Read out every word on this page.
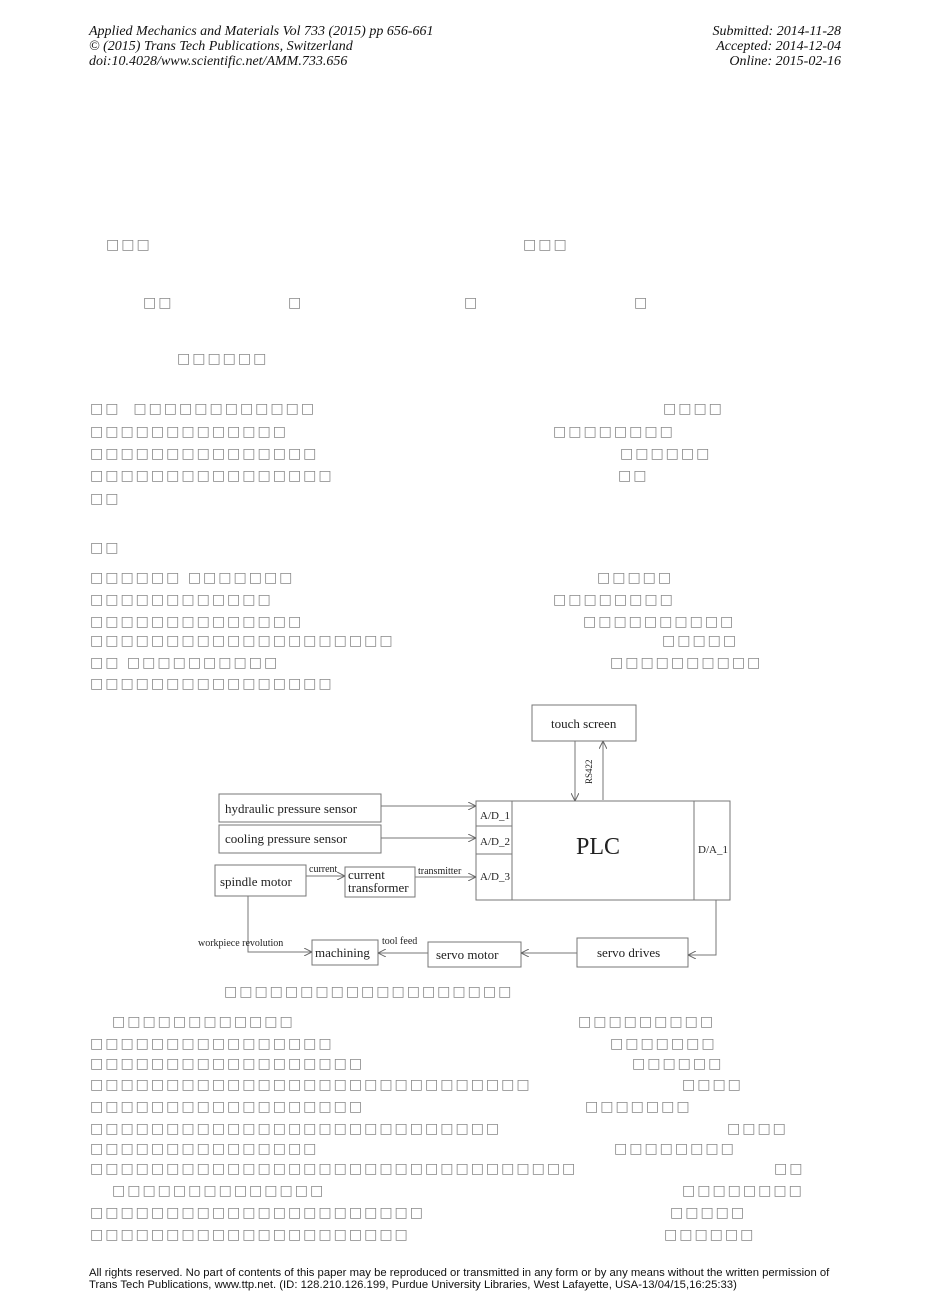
Applied Mechanics and Materials Vol 733 (2015) pp 656-661
© (2015) Trans Tech Publications, Switzerland
doi:10.4028/www.scientific.net/AMM.733.656
Submitted: 2014-11-28
Accepted: 2014-12-04
Online: 2015-02-16
□□□	□□□
□□	□	□	□
□□□□□□
□□  □□□□□□□□□□□□	□□□□
□□□□□□□□□□□□□	□□□□□□□□
□□□□□□□□□□□□□□□	□□□□□□
□□□□□□□□□□□□□□□□	□□
□□
□□
□□□□□□ □□□□□□□	□□□□□
□□□□□□□□□□□□	□□□□□□□□
□□□□□□□□□□□□□□	□□□□□□□□□□
□□□□□□□□□□□□□□□□□□□□	□□□□□
□□ □□□□□□□□□□	□□□□□□□□□□
□□□□□□□□□□□□□□□□
□□□□□□□□□□□□□□□□□□□
□□□□□□□□□□□□	□□□□□□□□□
□□□□□□□□□□□□□□□□	□□□□□□□
□□□□□□□□□□□□□□□□□□	□□□□□□
□□□□□□□□□□□□□□□□□□□□□□□□□□□□□	□□□□
□□□□□□□□□□□□□□□□□□	□□□□□□□
□□□□□□□□□□□□□□□□□□□□□□□□□□□	□□□□
□□□□□□□□□□□□□□□	□□□□□□□□
□□□□□□□□□□□□□□□□□□□□□□□□□□□□□□□□	□□
□□□□□□□□□□□□□□	□□□□□□□□
□□□□□□□□□□□□□□□□□□□□□□	□□□□□
□□□□□□□□□□□□□□□□□□□□□	□□□□□□
touch screen
RS422
hydraulic pressure sensor
cooling pressure sensor
spindle motor
current current
transformer
transmitter
A/D_1
A/D_2
A/D_3
PLC	D/A_1
workpiece revolution
machining
tool feed
servo motor	servo drives
All rights reserved. No part of contents of this paper may be reproduced or transmitted in any form or by any means without the written permission of Trans Tech Publications, www.ttp.net. (ID: 128.210.126.199, Purdue University Libraries, West Lafayette, USA-13/04/15,16:25:33)
